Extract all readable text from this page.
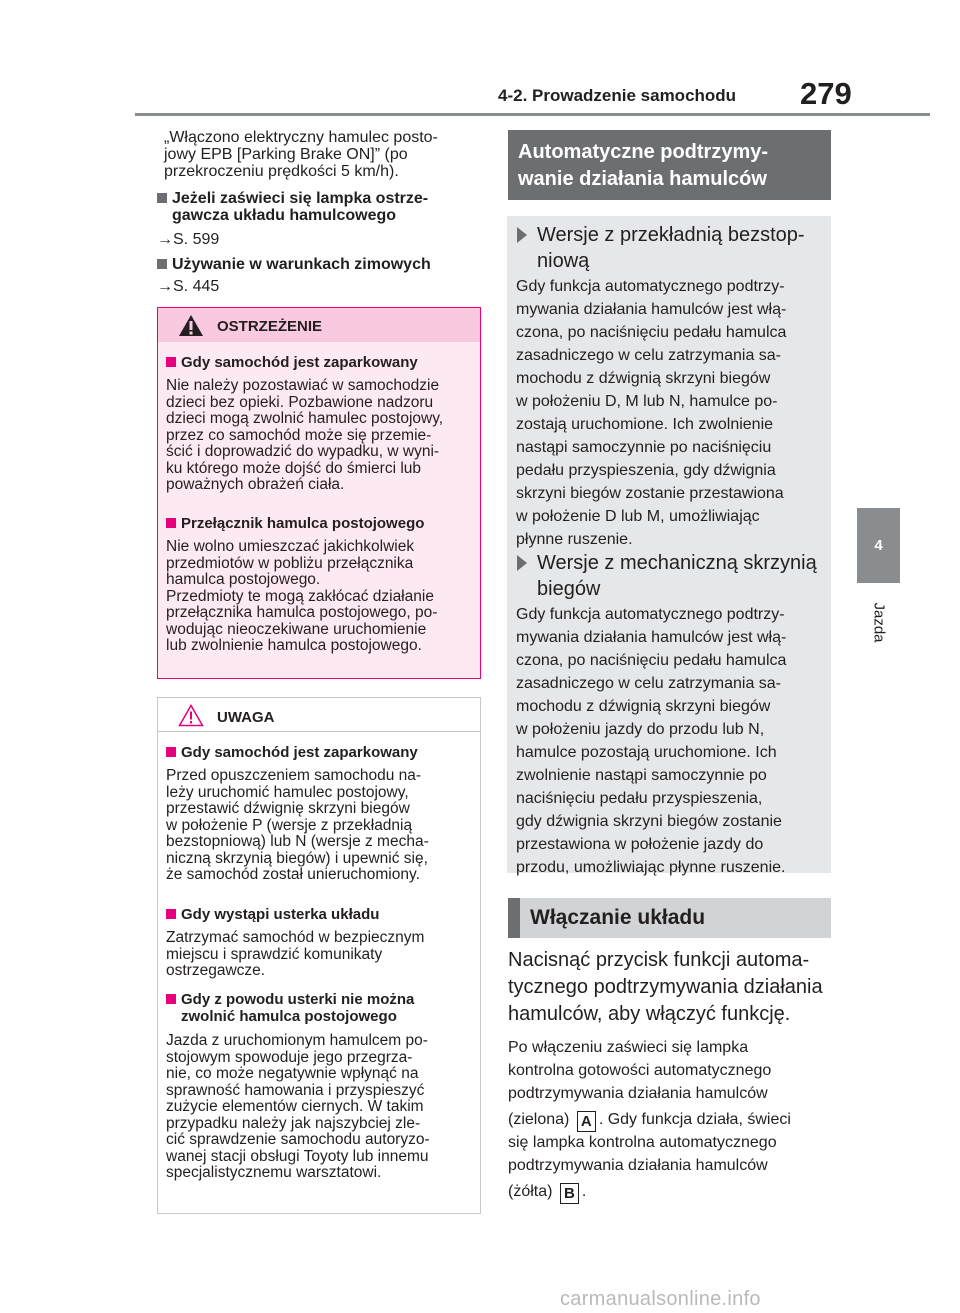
4-2. Prowadzenie samochodu 279
4
Jazda
„Włączono elektryczny hamulec posto-
jowy EPB [Parking Brake ON]” (po
przekroczeniu prędkości 5 km/h).
Jeżeli zaświeci się lampka ostrze-
gawcza układu hamulcowego
→S. 599
Używanie w warunkach zimowych
→S. 445
OSTRZEŻENIE
Gdy samochód jest zaparkowany
Nie należy pozostawiać w samochodzie
dzieci bez opieki. Pozbawione nadzoru
dzieci mogą zwolnić hamulec postojowy,
przez co samochód może się przemie-
ścić i doprowadzić do wypadku, w wyni-
ku którego może dojść do śmierci lub
poważnych obrażeń ciała.
Przełącznik hamulca postojowego
Nie wolno umieszczać jakichkolwiek
przedmiotów w pobliżu przełącznika
hamulca postojowego.
Przedmioty te mogą zakłócać działanie
przełącznika hamulca postojowego, po-
wodując nieoczekiwane uruchomienie
lub zwolnienie hamulca postojowego.
UWAGA
Gdy samochód jest zaparkowany
Przed opuszczeniem samochodu na-
leży uruchomić hamulec postojowy,
przestawić dźwignię skrzyni biegów
w położenie P (wersje z przekładnią
bezstopniową) lub N (wersje z mecha-
niczną skrzynią biegów) i upewnić się,
że samochód został unieruchomiony.
Gdy wystąpi usterka układu
Zatrzymać samochód w bezpiecznym
miejscu i sprawdzić komunikaty
ostrzegawcze.
Gdy z powodu usterki nie można
zwolnić hamulca postojowego
Jazda z uruchomionym hamulcem po-
stojowym spowoduje jego przegrza-
nie, co może negatywnie wpłynąć na
sprawność hamowania i przyspieszyć
zużycie elementów ciernych. W takim
przypadku należy jak najszybciej zle-
cić sprawdzenie samochodu autoryzo-
wanej stacji obsługi Toyoty lub innemu
specjalistycznemu warsztatowi.
Automatyczne podtrzymy-
wanie działania hamulców
Wersje z przekładnią bezstop-
niową
Gdy funkcja automatycznego podtrzy-
mywania działania hamulców jest włą-
czona, po naciśnięciu pedału hamulca
zasadniczego w celu zatrzymania sa-
mochodu z dźwignią skrzyni biegów
w położeniu D, M lub N, hamulce po-
zostają uruchomione. Ich zwolnienie
nastąpi samoczynnie po naciśnięciu
pedału przyspieszenia, gdy dźwignia
skrzyni biegów zostanie przestawiona
w położenie D lub M, umożliwiając
płynne ruszenie.
Wersje z mechaniczną skrzynią
biegów
Gdy funkcja automatycznego podtrzy-
mywania działania hamulców jest włą-
czona, po naciśnięciu pedału hamulca
zasadniczego w celu zatrzymania sa-
mochodu z dźwignią skrzyni biegów
w położeniu jazdy do przodu lub N,
hamulce pozostają uruchomione. Ich
zwolnienie nastąpi samoczynnie po
naciśnięciu pedału przyspieszenia,
gdy dźwignia skrzyni biegów zostanie
przestawiona w położenie jazdy do
przodu, umożliwiając płynne ruszenie.
Włączanie układu
Nacisnąć przycisk funkcji automa-
tycznego podtrzymywania działania
hamulców, aby włączyć funkcję.
Po włączeniu zaświeci się lampka
kontrolna gotowości automatycznego
podtrzymywania działania hamulców
(zielona) A . Gdy funkcja działa, świeci
się lampka kontrolna automatycznego
podtrzymywania działania hamulców
(żółta) B .
carmanualsonline.info
